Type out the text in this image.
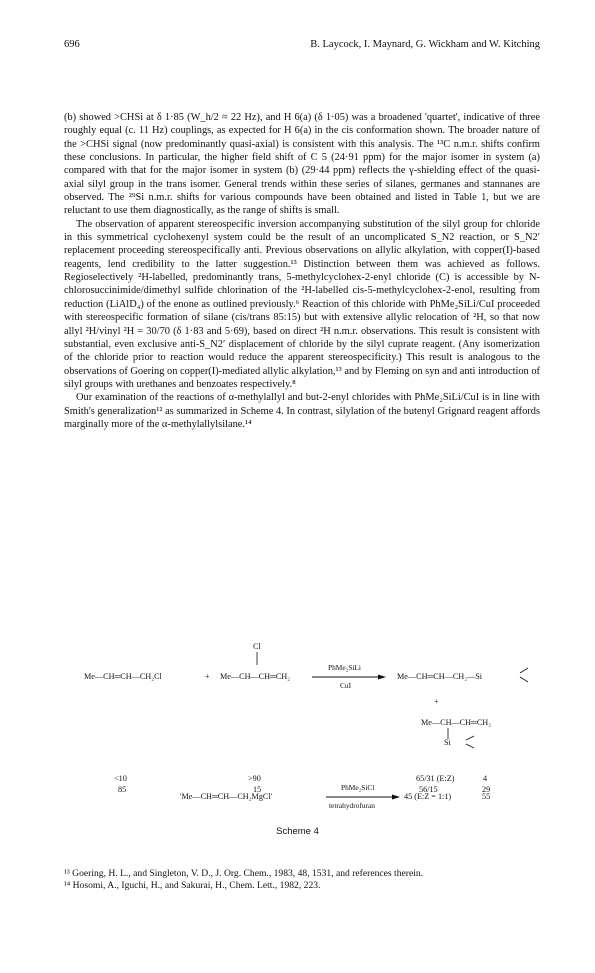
696	B. Laycock, I. Maynard, G. Wickham and W. Kitching

(b) showed >CHSi at δ 1·85 (W_h/2 ≈ 22 Hz), and H 6(a) (δ 1·05) was a broadened 'quartet', indicative of three roughly equal (c. 11 Hz) couplings, as expected for H 6(a) in the cis conformation shown. The broader nature of the >CHSi signal (now predominantly quasi-axial) is consistent with this analysis. The ¹³C n.m.r. shifts confirm these conclusions. In particular, the higher field shift of C 5 (24·91 ppm) for the major isomer in system (a) compared with that for the major isomer in system (b) (29·44 ppm) reflects the γ-shielding effect of the quasi-axial silyl group in the trans isomer. General trends within these series of silanes, germanes and stannanes are observed. The ²⁹Si n.m.r. shifts for various compounds have been obtained and listed in Table 1, but we are reluctant to use them diagnostically, as the range of shifts is small.

The observation of apparent stereospecific inversion accompanying substitution of the silyl group for chloride in this symmetrical cyclohexenyl system could be the result of an uncomplicated S_N2 reaction, or S_N2′ replacement proceeding stereospecifically anti. Previous observations on allylic alkylation, with copper(I)-based reagents, lend credibility to the latter suggestion.¹³ Distinction between them was achieved as follows. Regioselectively ²H-labelled, predominantly trans, 5-methylcyclohex-2-enyl chloride (C) is accessible by N-chlorosuccinimide/dimethyl sulfide chlorination of the ²H-labelled cis-5-methylcyclohex-2-enol, resulting from reduction (LiAlD₄) of the enone as outlined previously.⁶ Reaction of this chloride with PhMe₂SiLi/CuI proceeded with stereospecific formation of silane (cis/trans 85:15) but with extensive allylic relocation of ²H, so that now allyl ²H/vinyl ²H = 30/70 (δ 1·83 and 5·69), based on direct ²H n.m.r. observations. This result is consistent with substantial, even exclusive anti-S_N2′ displacement of chloride by the silyl cuprate reagent. (Any isomerization of the chloride prior to reaction would reduce the apparent stereospecificity.) This result is analogous to the observations of Goering on copper(I)-mediated allylic alkylation,¹³ and by Fleming on syn and anti introduction of silyl groups with urethanes and benzoates respectively.⁸

Our examination of the reactions of α-methylallyl and but-2-enyl chlorides with PhMe₂SiLi/CuI is in line with Smith's generalization¹² as summarized in Scheme 4. In contrast, silylation of the butenyl Grignard reagent affords marginally more of the α-methylallylsilane.¹⁴

Me—CH═CH—CH₂Cl	+
Cl
Me—CH—CH═CH₂
PhMe₂SiLi
CuI
Me—CH═CH—CH₂—Si
+
Me—CH—CH═CH₂
Si
<10	>90	65/31 (E:Z)	4
85	15	56/15	29
'Me—CH═CH—CH₂MgCl'
PhMe₂SiCl
tetrahydrofuran
45 (E:Z = 1:1)	55
Scheme 4

¹³ Goering, H. L., and Singleton, V. D., J. Org. Chem., 1983, 48, 1531, and references therein.

¹⁴ Hosomi, A., Iguchi, H., and Sakurai, H., Chem. Lett., 1982, 223.
